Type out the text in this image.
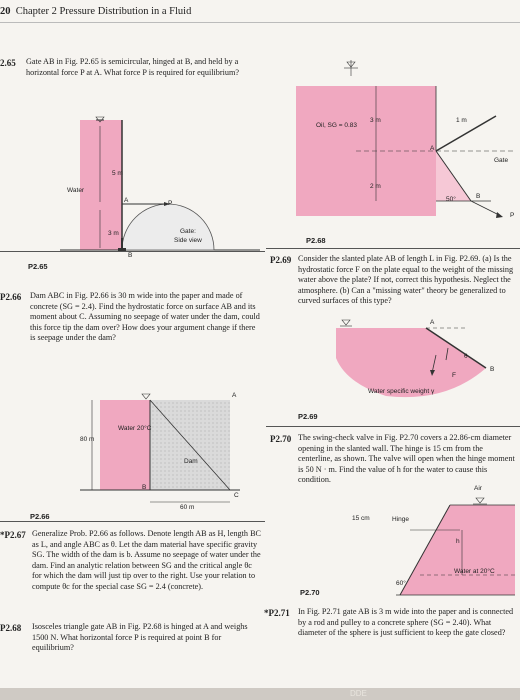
20 Chapter 2 Pressure Distribution in a Fluid
2.65 Gate AB in Fig. P2.65 is semicircular, hinged at B, and held by a horizontal force P at A. What force P is required for equilibrium?
5 m
Water
A	P
3 m	Gate:
Side view
B
P2.65
P2.66 Dam ABC in Fig. P2.66 is 30 m wide into the paper and made of concrete (SG = 2.4). Find the hydrostatic force on surface AB and its moment about C. Assuming no seepage of water under the dam, could this force tip the dam over? How does your argument change if there is seepage under the dam?
Water 20°C
80 m
Dam
A
B
C
60 m
P2.66
*P2.67 Generalize Prob. P2.66 as follows. Denote length AB as H, length BC as L, and angle ABC as θ. Let the dam material have specific gravity SG. The width of the dam is b. Assume no seepage of water under the dam. Find an analytic relation between SG and the critical angle θc for which the dam will just tip over to the right. Use your relation to compute θc for the special case SG = 2.4 (concrete).
P2.68 Isosceles triangle gate AB in Fig. P2.68 is hinged at A and weighs 1500 N. What horizontal force P is required at point B for equilibrium?
Oil, SG = 0.83
3 m	1 m
Gate
A
2 m
50°	B
P
P2.68
P2.69 Consider the slanted plate AB of length L in Fig. P2.69. (a) Is the hydrostatic force F on the plate equal to the weight of the missing water above the plate? If not, correct this hypothesis. Neglect the atmosphere. (b) Can a "missing water" theory be generalized to curved surfaces of this type?
A
B
θ
F
Water specific weight γ
P2.69
P2.70 The swing-check valve in Fig. P2.70 covers a 22.86-cm diameter opening in the slanted wall. The hinge is 15 cm from the centerline, as shown. The valve will open when the hinge moment is 50 N · m. Find the value of h for the water to cause this condition.
Air
15 cm	Hinge
h
Water at 20°C
60°
P2.70
*P2.71 In Fig. P2.71 gate AB is 3 m wide into the paper and is connected by a rod and pulley to a concrete sphere (SG = 2.40). What diameter of the sphere is just sufficient to keep the gate closed?
DDE
